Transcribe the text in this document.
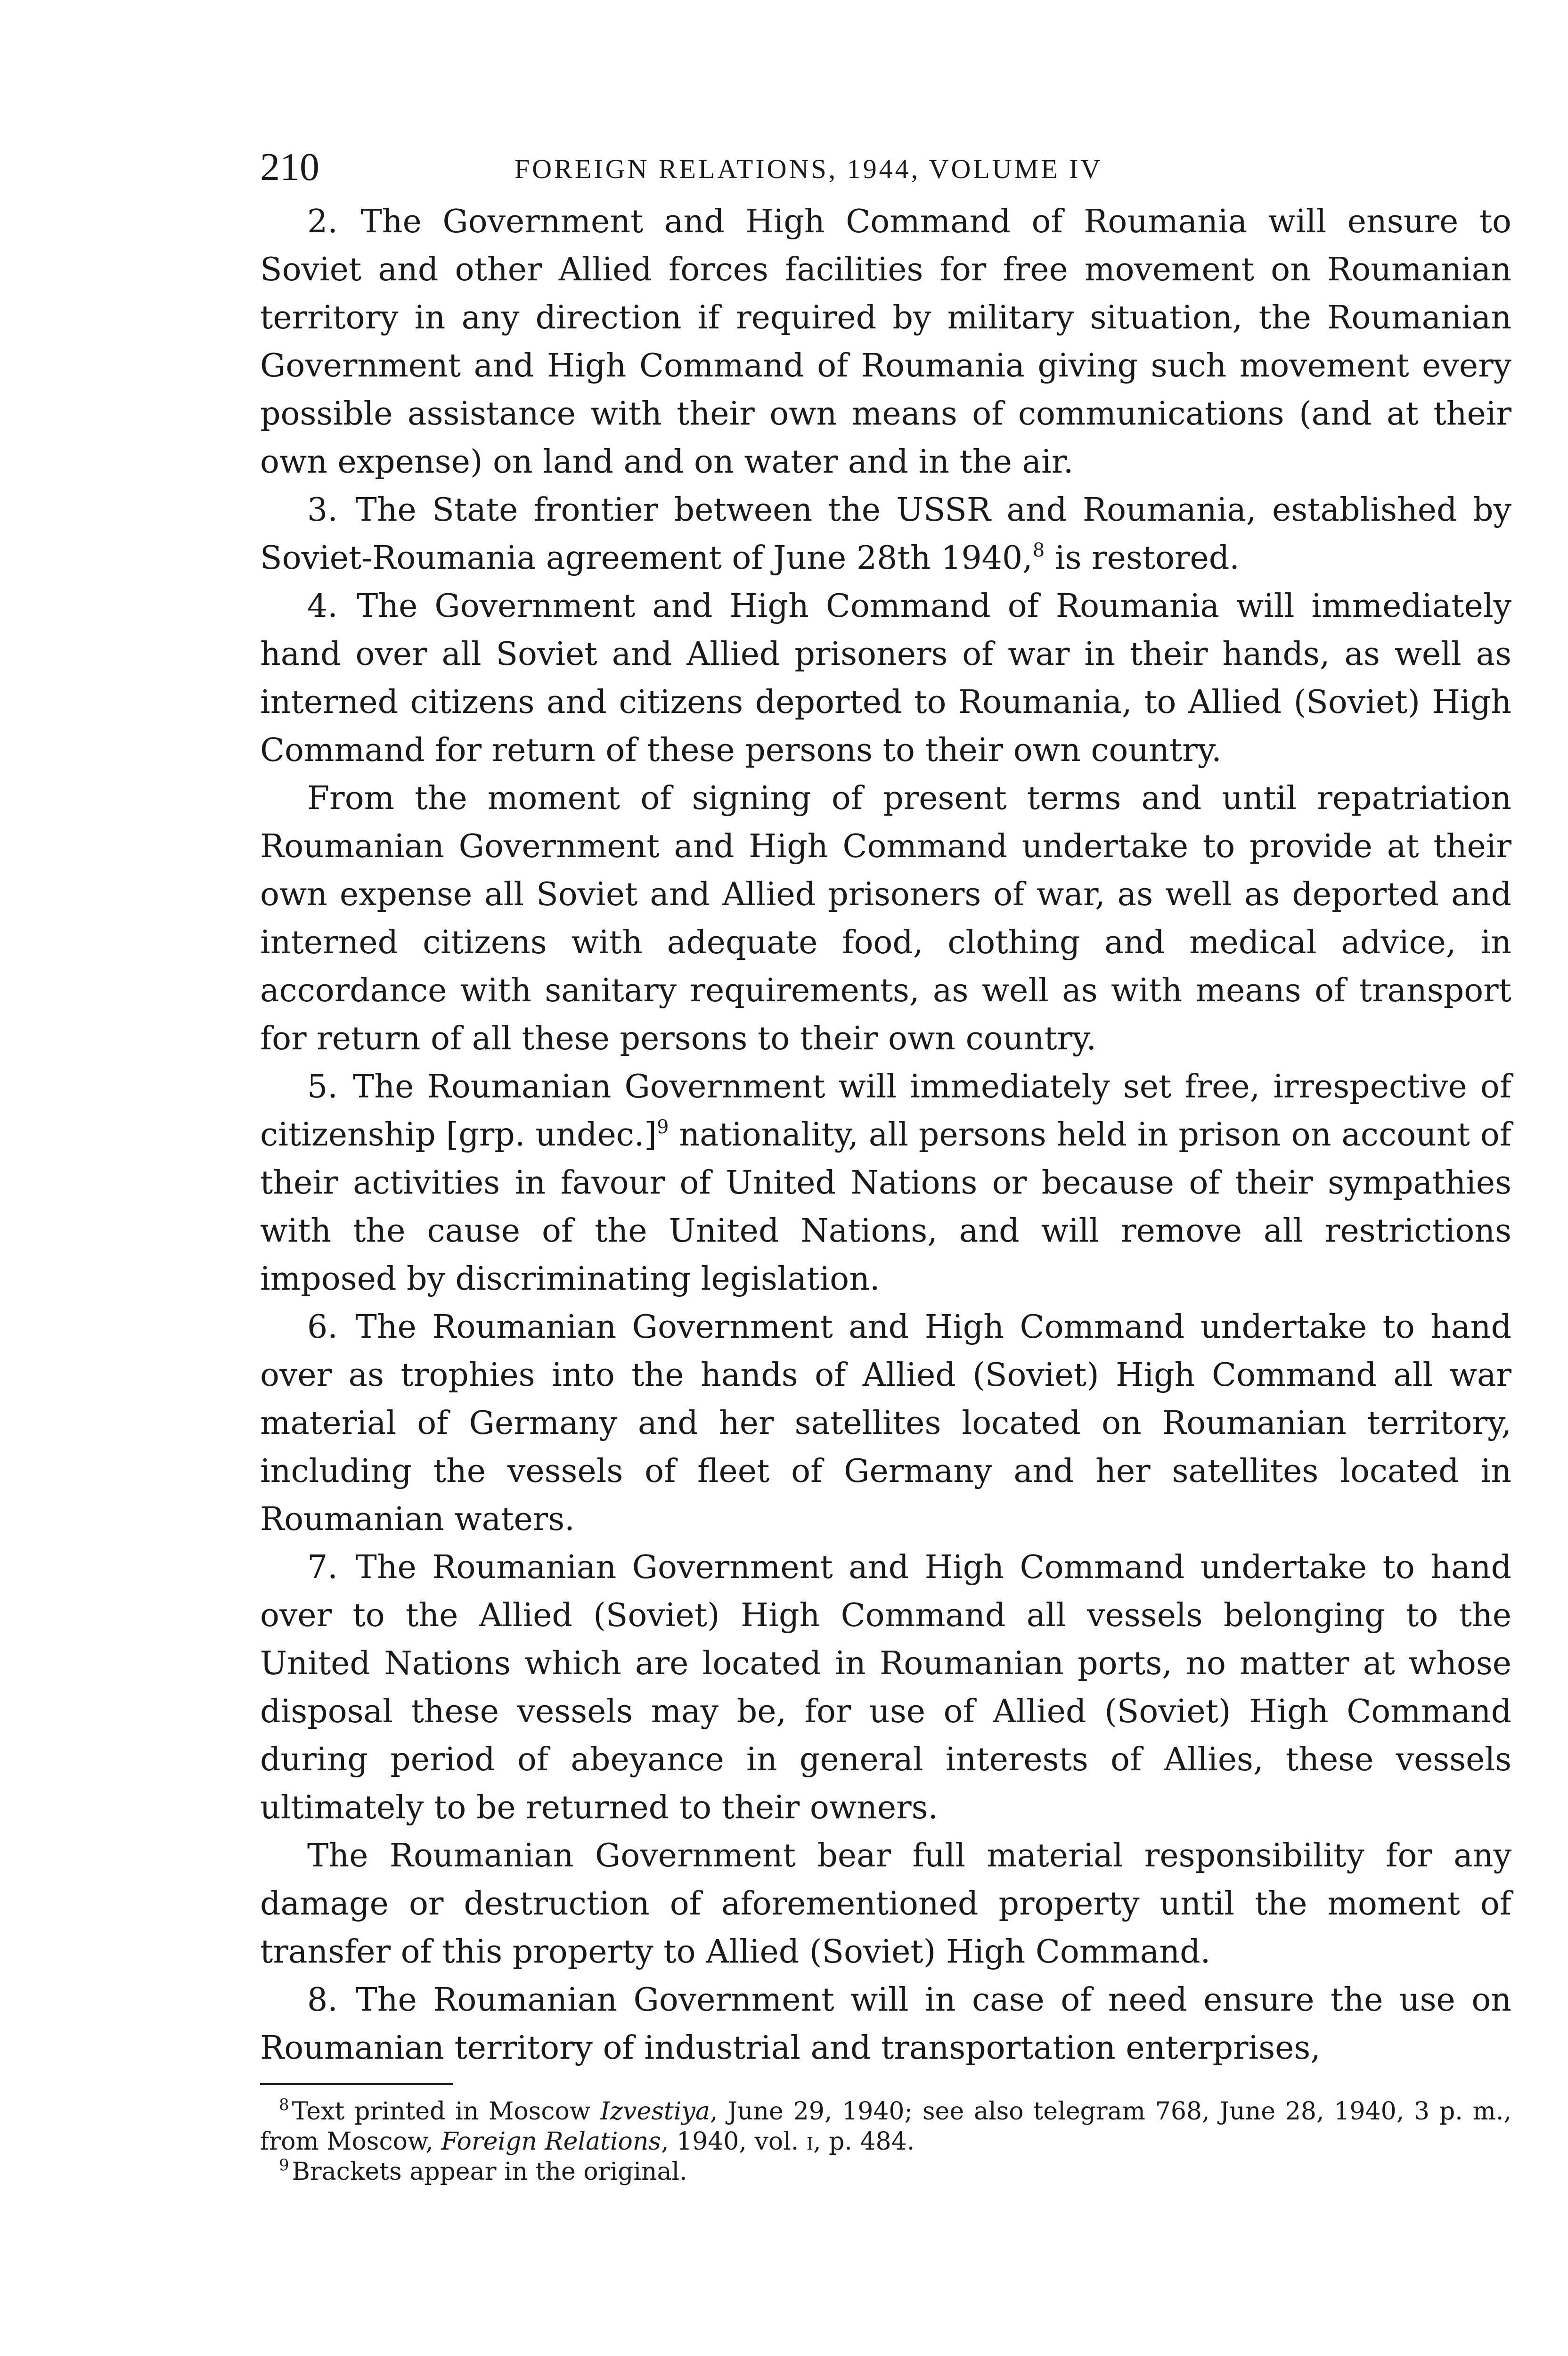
210	FOREIGN RELATIONS, 1944, VOLUME IV

2. The Government and High Command of Roumania will ensure to Soviet and other Allied forces facilities for free movement on Roumanian territory in any direction if required by military situation, the Roumanian Government and High Command of Roumania giving such movement every possible assistance with their own means of communications (and at their own expense) on land and on water and in the air.

3. The State frontier between the USSR and Roumania, established by Soviet-Roumania agreement of June 28th 1940,$^8$ is restored.

4. The Government and High Command of Roumania will immediately hand over all Soviet and Allied prisoners of war in their hands, as well as interned citizens and citizens deported to Roumania, to Allied (Soviet) High Command for return of these persons to their own country.

From the moment of signing of present terms and until repatriation Roumanian Government and High Command undertake to provide at their own expense all Soviet and Allied prisoners of war, as well as deported and interned citizens with adequate food, clothing and medical advice, in accordance with sanitary requirements, as well as with means of transport for return of all these persons to their own country.

5. The Roumanian Government will immediately set free, irrespective of citizenship [grp. undec.]$^9$ nationality, all persons held in prison on account of their activities in favour of United Nations or because of their sympathies with the cause of the United Nations, and will remove all restrictions imposed by discriminating legislation.

6. The Roumanian Government and High Command undertake to hand over as trophies into the hands of Allied (Soviet) High Command all war material of Germany and her satellites located on Roumanian territory, including the vessels of fleet of Germany and her satellites located in Roumanian waters.

7. The Roumanian Government and High Command undertake to hand over to the Allied (Soviet) High Command all vessels belonging to the United Nations which are located in Roumanian ports, no matter at whose disposal these vessels may be, for use of Allied (Soviet) High Command during period of abeyance in general interests of Allies, these vessels ultimately to be returned to their owners.

The Roumanian Government bear full material responsibility for any damage or destruction of aforementioned property until the moment of transfer of this property to Allied (Soviet) High Command.

8. The Roumanian Government will in case of need ensure the use on Roumanian territory of industrial and transportation enterprises,

$^8$ Text printed in Moscow Izvestiya, June 29, 1940; see also telegram 768, June 28, 1940, 3 p. m., from Moscow, Foreign Relations, 1940, vol. i, p. 484.

$^9$ Brackets appear in the original.
